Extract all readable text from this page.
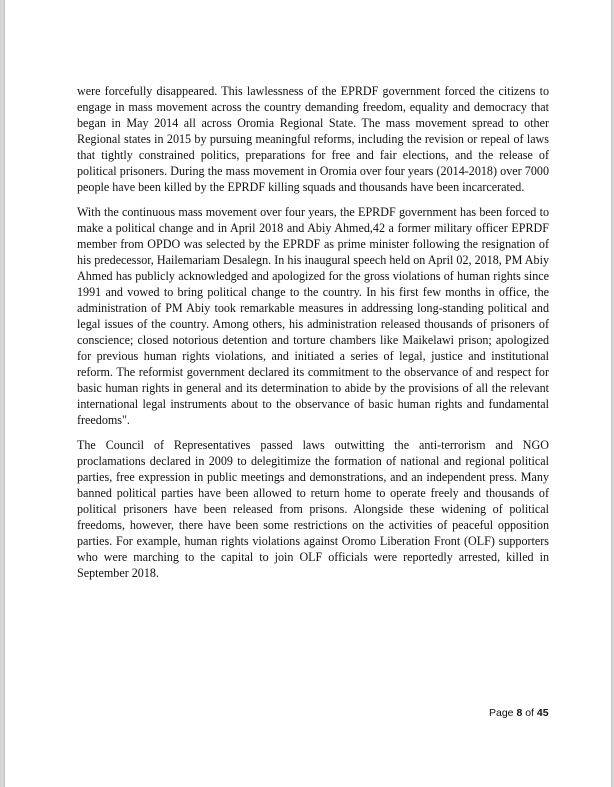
were forcefully disappeared. This lawlessness of the EPRDF government forced the citizens to engage in mass movement across the country demanding freedom, equality and democracy that began in May 2014 all across Oromia Regional State. The mass movement spread to other Regional states in 2015 by pursuing meaningful reforms, including the revision or repeal of laws that tightly constrained politics, preparations for free and fair elections, and the release of political prisoners. During the mass movement in Oromia over four years (2014-2018) over 7000 people have been killed by the EPRDF killing squads and thousands have been incarcerated.

With the continuous mass movement over four years, the EPRDF government has been forced to make a political change and in April 2018 and Abiy Ahmed,42 a former military officer EPRDF member from OPDO was selected by the EPRDF as prime minister following the resignation of his predecessor, Hailemariam Desalegn. In his inaugural speech held on April 02, 2018, PM Abiy Ahmed has publicly acknowledged and apologized for the gross violations of human rights since 1991 and vowed to bring political change to the country. In his first few months in office, the administration of PM Abiy took remarkable measures in addressing long-standing political and legal issues of the country. Among others, his administration released thousands of prisoners of conscience; closed notorious detention and torture chambers like Maikelawi prison; apologized for previous human rights violations, and initiated a series of legal, justice and institutional reform. The reformist government declared its commitment to the observance of and respect for basic human rights in general and its determination to abide by the provisions of all the relevant international legal instruments about to the observance of basic human rights and fundamental freedoms".

The Council of Representatives passed laws outwitting the anti-terrorism and NGO proclamations declared in 2009 to delegitimize the formation of national and regional political parties, free expression in public meetings and demonstrations, and an independent press. Many banned political parties have been allowed to return home to operate freely and thousands of political prisoners have been released from prisons. Alongside these widening of political freedoms, however, there have been some restrictions on the activities of peaceful opposition parties. For example, human rights violations against Oromo Liberation Front (OLF) supporters who were marching to the capital to join OLF officials were reportedly arrested, killed in September 2018.

Page 8 of 45
